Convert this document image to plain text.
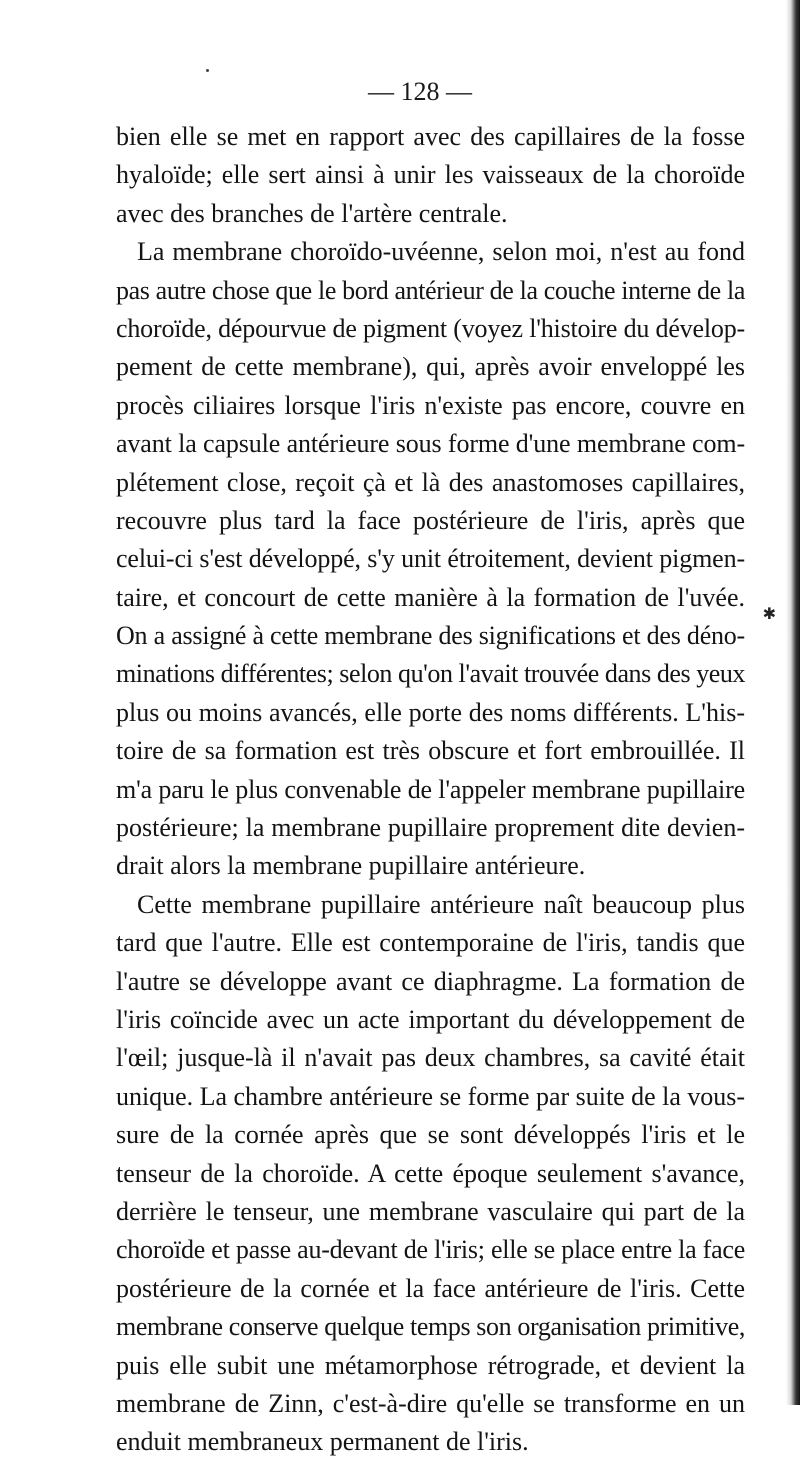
— 128 —
bien elle se met en rapport avec des capillaires de la fosse
hyaloïde; elle sert ainsi à unir les vaisseaux de la choroïde
avec des branches de l'artère centrale.
La membrane choroïdo-uvéenne, selon moi, n'est au fond
pas autre chose que le bord antérieur de la couche interne de la
choroïde, dépourvue de pigment (voyez l'histoire du dévelop-
pement de cette membrane), qui, après avoir enveloppé les
procès ciliaires lorsque l'iris n'existe pas encore, couvre en
avant la capsule antérieure sous forme d'une membrane com-
plétement close, reçoit çà et là des anastomoses capillaires,
recouvre plus tard la face postérieure de l'iris, après que
celui-ci s'est développé, s'y unit étroitement, devient pigmen-
taire, et concourt de cette manière à la formation de l'uvée.
On a assigné à cette membrane des significations et des déno-
minations différentes; selon qu'on l'avait trouvée dans des yeux
plus ou moins avancés, elle porte des noms différents. L'his-
toire de sa formation est très obscure et fort embrouillée. Il
m'a paru le plus convenable de l'appeler membrane pupillaire
postérieure; la membrane pupillaire proprement dite devien-
drait alors la membrane pupillaire antérieure.
Cette membrane pupillaire antérieure naît beaucoup plus
tard que l'autre. Elle est contemporaine de l'iris, tandis que
l'autre se développe avant ce diaphragme. La formation de
l'iris coïncide avec un acte important du développement de
l'œil; jusque-là il n'avait pas deux chambres, sa cavité était
unique. La chambre antérieure se forme par suite de la vous-
sure de la cornée après que se sont développés l'iris et le
tenseur de la choroïde. A cette époque seulement s'avance,
derrière le tenseur, une membrane vasculaire qui part de la
choroïde et passe au-devant de l'iris; elle se place entre la face
postérieure de la cornée et la face antérieure de l'iris. Cette
membrane conserve quelque temps son organisation primitive,
puis elle subit une métamorphose rétrograde, et devient la
membrane de Zinn, c'est-à-dire qu'elle se transforme en un
enduit membraneux permanent de l'iris.
✱
